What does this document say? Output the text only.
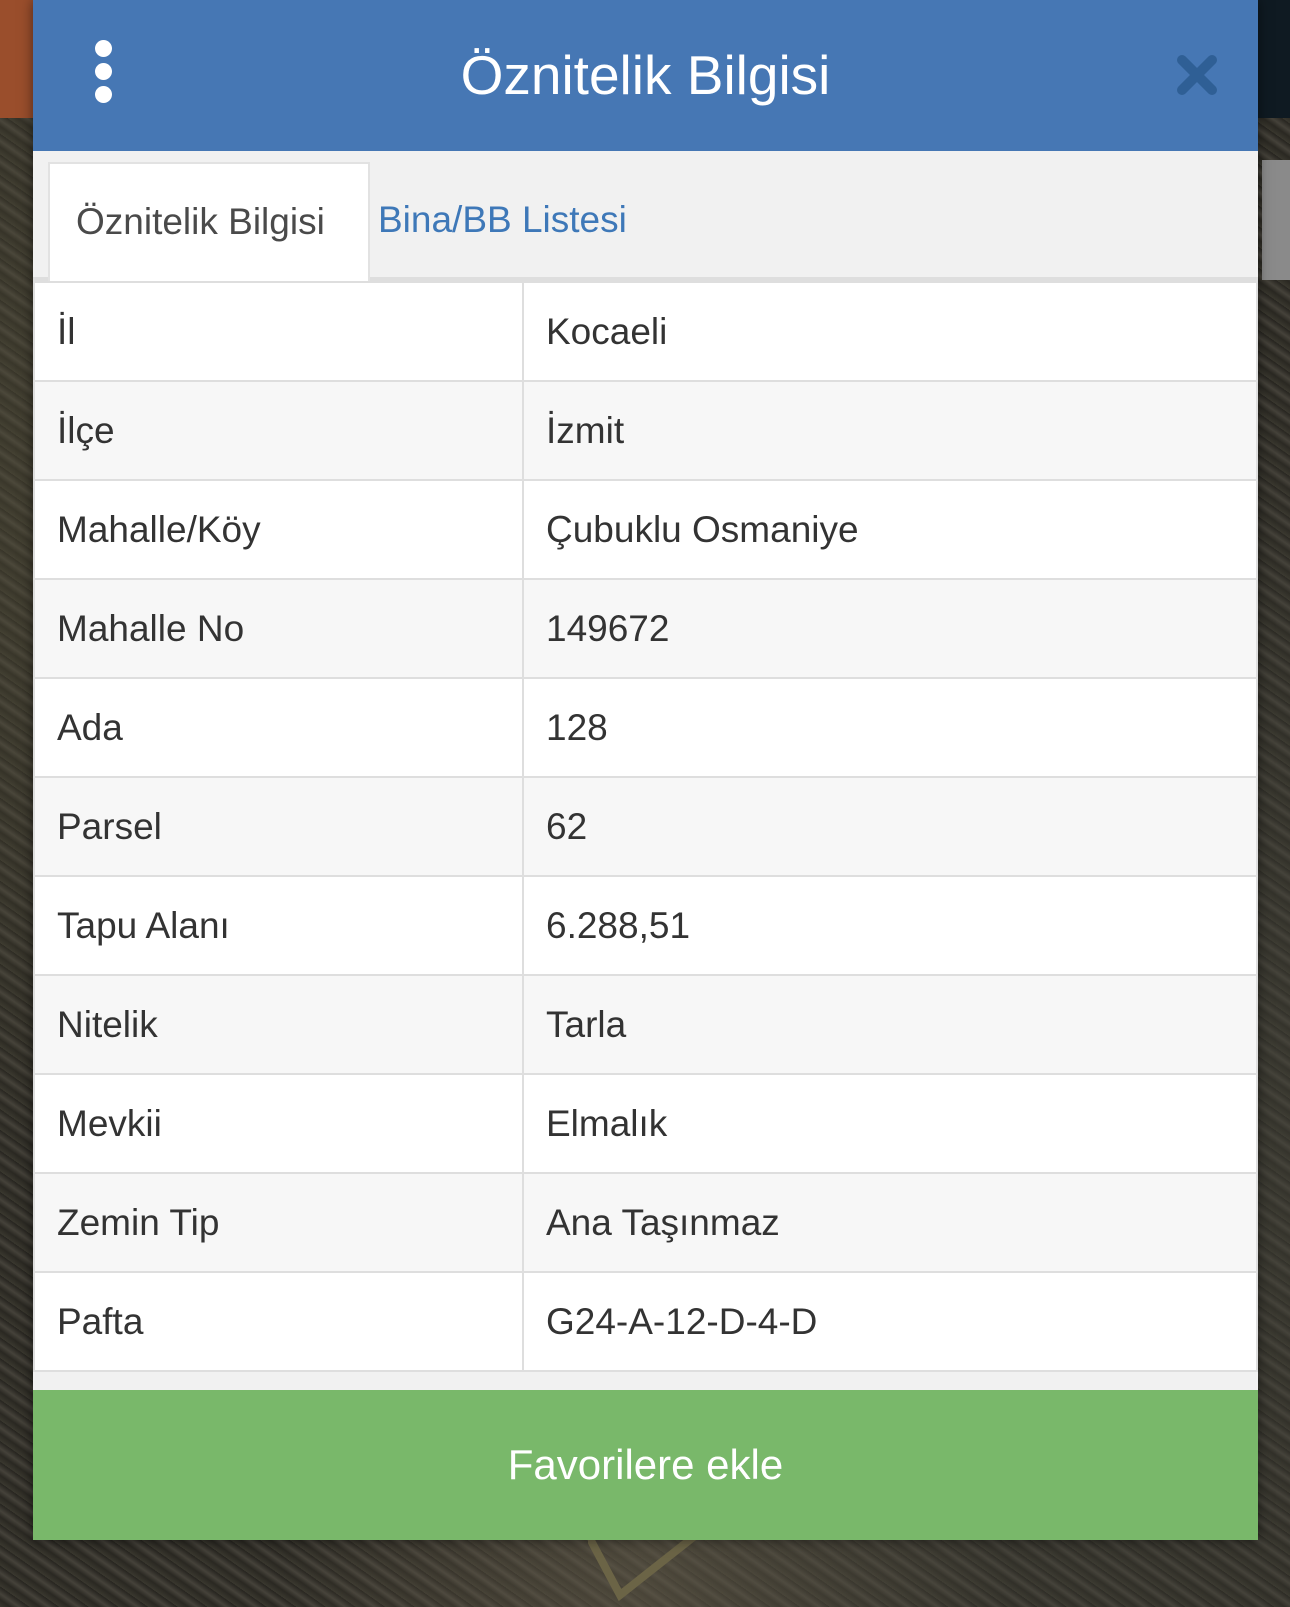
Öznitelik Bilgisi
Öznitelik Bilgisi	Bina/BB Listesi
İl	Kocaeli
İlçe	İzmit
Mahalle/Köy	Çubuklu Osmaniye
Mahalle No	149672
Ada	128
Parsel	62
Tapu Alanı	6.288,51
Nitelik	Tarla
Mevkii	Elmalık
Zemin Tip	Ana Taşınmaz
Pafta	G24-A-12-D-4-D
Favorilere ekle
